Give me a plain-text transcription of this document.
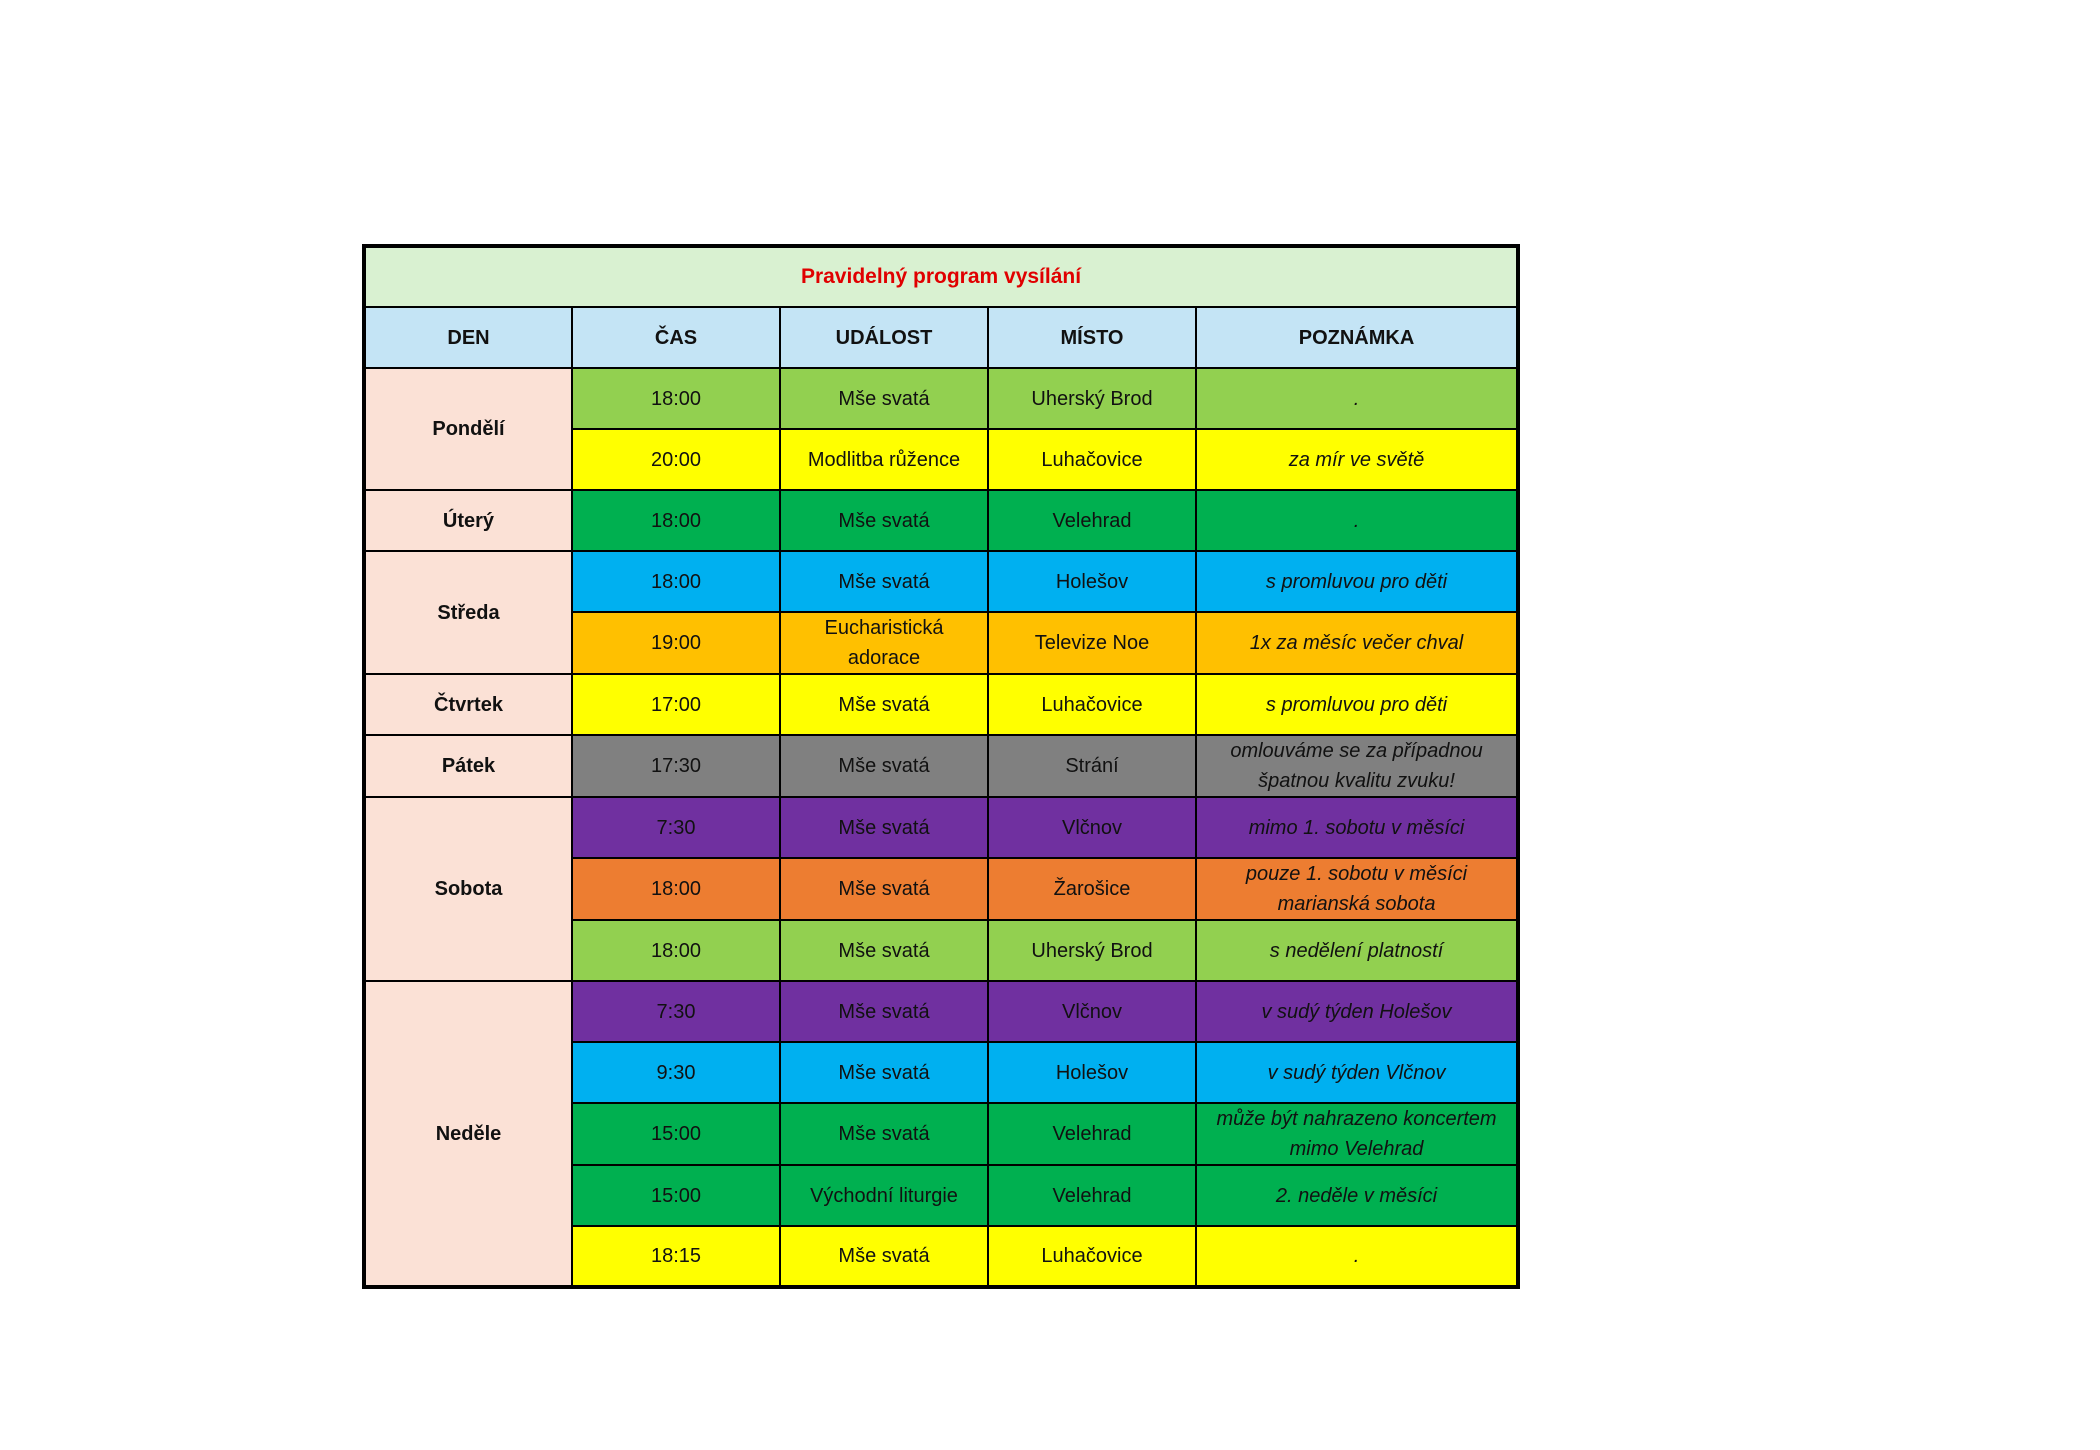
Pravidelný program vysílání				
DEN	ČAS	UDÁLOST	MÍSTO	POZNÁMKA
Pondělí	18:00	Mše svatá	Uherský Brod	.
	20:00	Modlitba růžence	Luhačovice	za mír ve světě
Úterý	18:00	Mše svatá	Velehrad	.
Středa	18:00	Mše svatá	Holešov	s promluvou pro děti
	19:00	Eucharistická adorace	Televize Noe	1x za měsíc večer chval
Čtvrtek	17:00	Mše svatá	Luhačovice	s promluvou pro děti
Pátek	17:30	Mše svatá	Strání	omlouváme se za případnou špatnou kvalitu zvuku!
Sobota	7:30	Mše svatá	Vlčnov	mimo 1. sobotu v měsíci
	18:00	Mše svatá	Žarošice	pouze 1. sobotu v měsíci marianská sobota
	18:00	Mše svatá	Uherský Brod	s nedělení platností
Neděle	7:30	Mše svatá	Vlčnov	v sudý týden Holešov
	9:30	Mše svatá	Holešov	v sudý týden Vlčnov
	15:00	Mše svatá	Velehrad	může být nahrazeno koncertem mimo Velehrad
	15:00	Východní liturgie	Velehrad	2. neděle v měsíci
	18:15	Mše svatá	Luhačovice	.
